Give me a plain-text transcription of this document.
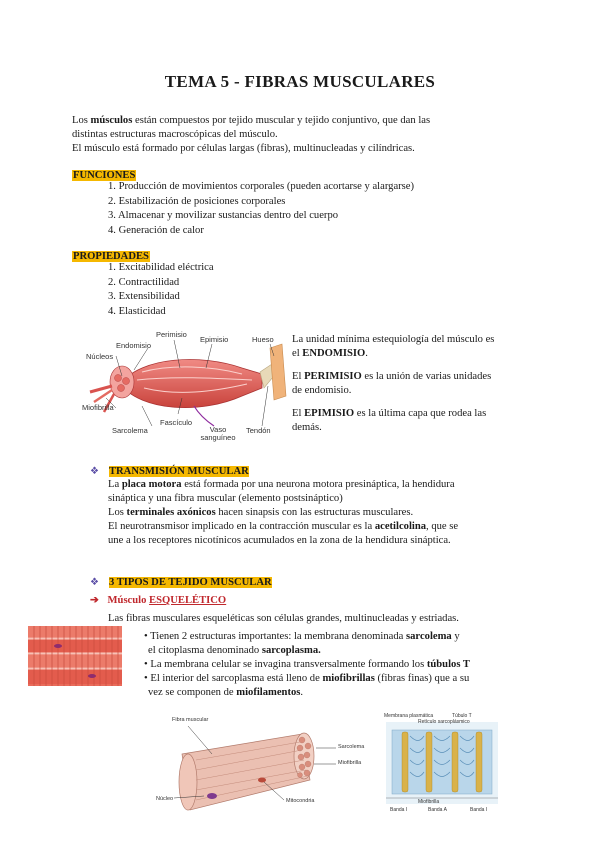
TEMA 5 - FIBRAS MUSCULARES
Los músculos están compuestos por tejido muscular y tejido conjuntivo, que dan las
distintas estructuras macroscópicas del músculo.
El músculo está formado por células largas (fibras), multinucleadas y cilíndricas.
FUNCIONES
1. Producción de movimientos corporales (pueden acortarse y alargarse)
2. Estabilización de posiciones corporales
3. Almacenar y movilizar sustancias dentro del cuerpo
4. Generación de calor
PROPIEDADES
1. Excitabilidad eléctrica
2. Contractilidad
3. Extensibilidad
4. Elasticidad
Perimisio
Epimisio	Hueso
Endomisio
Núcleos
Miofibrilla
Fascículo
Sarcolema	Vaso sanguíneo
Tendón
La unidad mínima estequiología del músculo es
el ENDOMISIO.
El PERIMISIO es la unión de varias unidades
de endomisio.
El EPIMISIO es la última capa que rodea las
demás.
❖ TRANSMISIÓN MUSCULAR
La placa motora está formada por una neurona motora presináptica, la hendidura
sináptica y una fibra muscular (elemento postsináptico)
Los terminales axónicos hacen sinapsis con las estructuras musculares.
El neurotransmisor implicado en la contracción muscular es la acetilcolina, que se
une a los receptores nicotínicos acumulados en la zona de la hendidura sináptica.
❖ 3 TIPOS DE TEJIDO MUSCULAR
➔ Músculo ESQUELÉTICO
Las fibras musculares esqueléticas son células grandes, multinucleadas y estriadas.
• Tienen 2 estructuras importantes: la membrana denominada sarcolema y
el citoplasma denominado sarcoplasma.
• La membrana celular se invagina transversalmente formando los túbulos T
• El interior del sarcoplasma está lleno de miofibrillas (fibras finas) que a su
vez se componen de miofilamentos.
Fibra muscular
Sarcolema
Miofibrilla
Mitocondria
Núcleo
Membrana plasmática	Túbulo T
Retículo sarcoplásmico
Miofibrilla
Banda I	Banda A	Banda I
